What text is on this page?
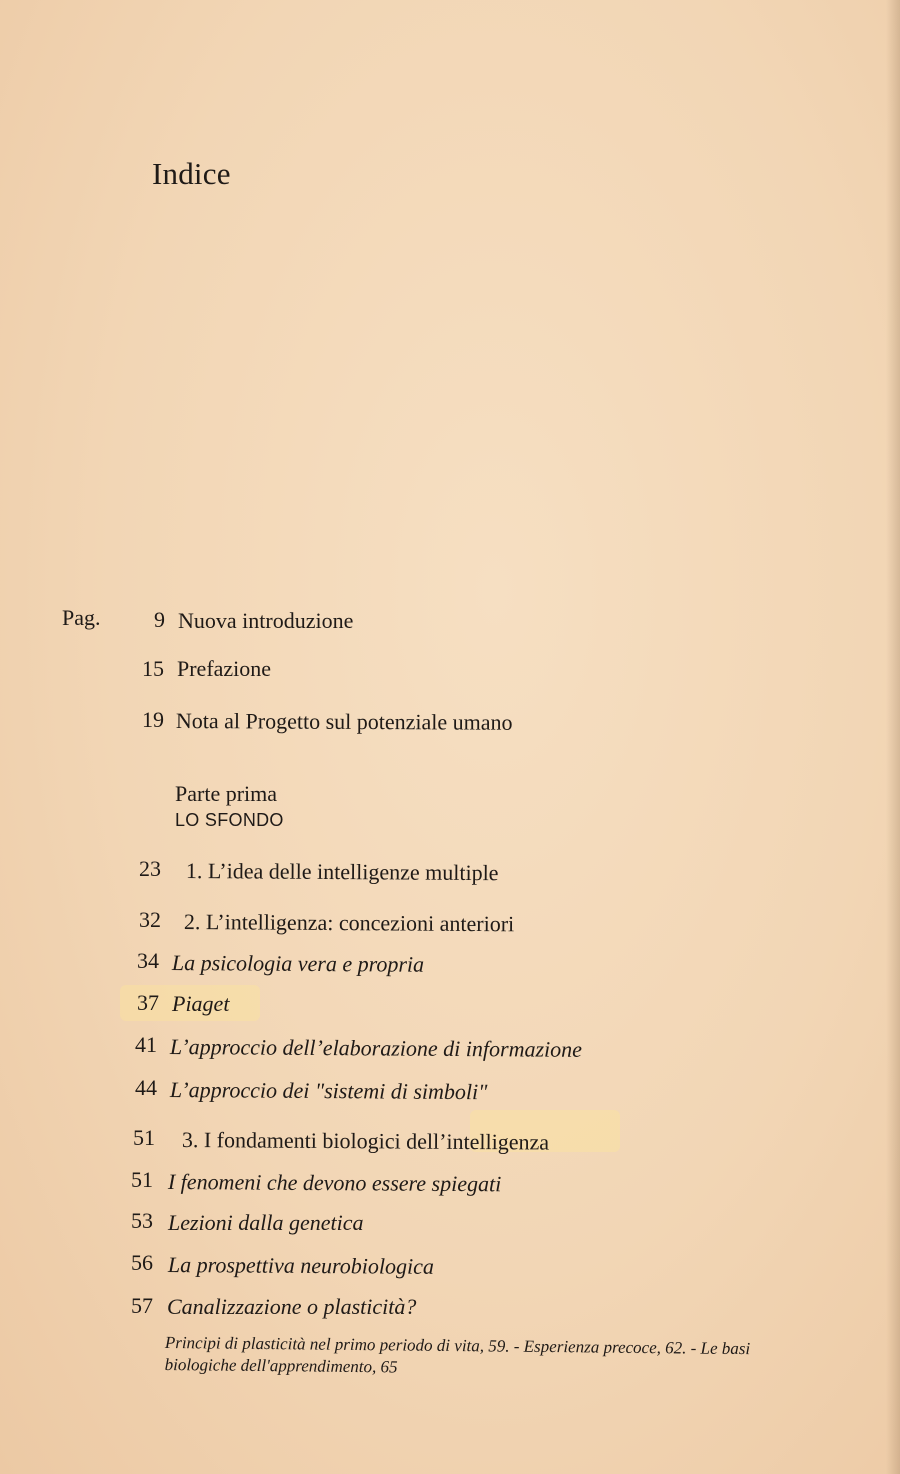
Indice
Pag.	9 Nuova introduzione
15 Prefazione
19 Nota al Progetto sul potenziale umano
Parte prima
LO SFONDO
23 1. L’idea delle intelligenze multiple
32 2. L’intelligenza: concezioni anteriori
34 La psicologia vera e propria
37 Piaget
41 L’approccio dell’elaborazione di informazione
44 L’approccio dei "sistemi di simboli"
51 3. I fondamenti biologici dell’intelligenza
51 I fenomeni che devono essere spiegati
53 Lezioni dalla genetica
56 La prospettiva neurobiologica
57 Canalizzazione o plasticità?
Principi di plasticità nel primo periodo di vita, 59. - Esperienza precoce, 62. - Le basi biologiche dell'apprendimento, 65
